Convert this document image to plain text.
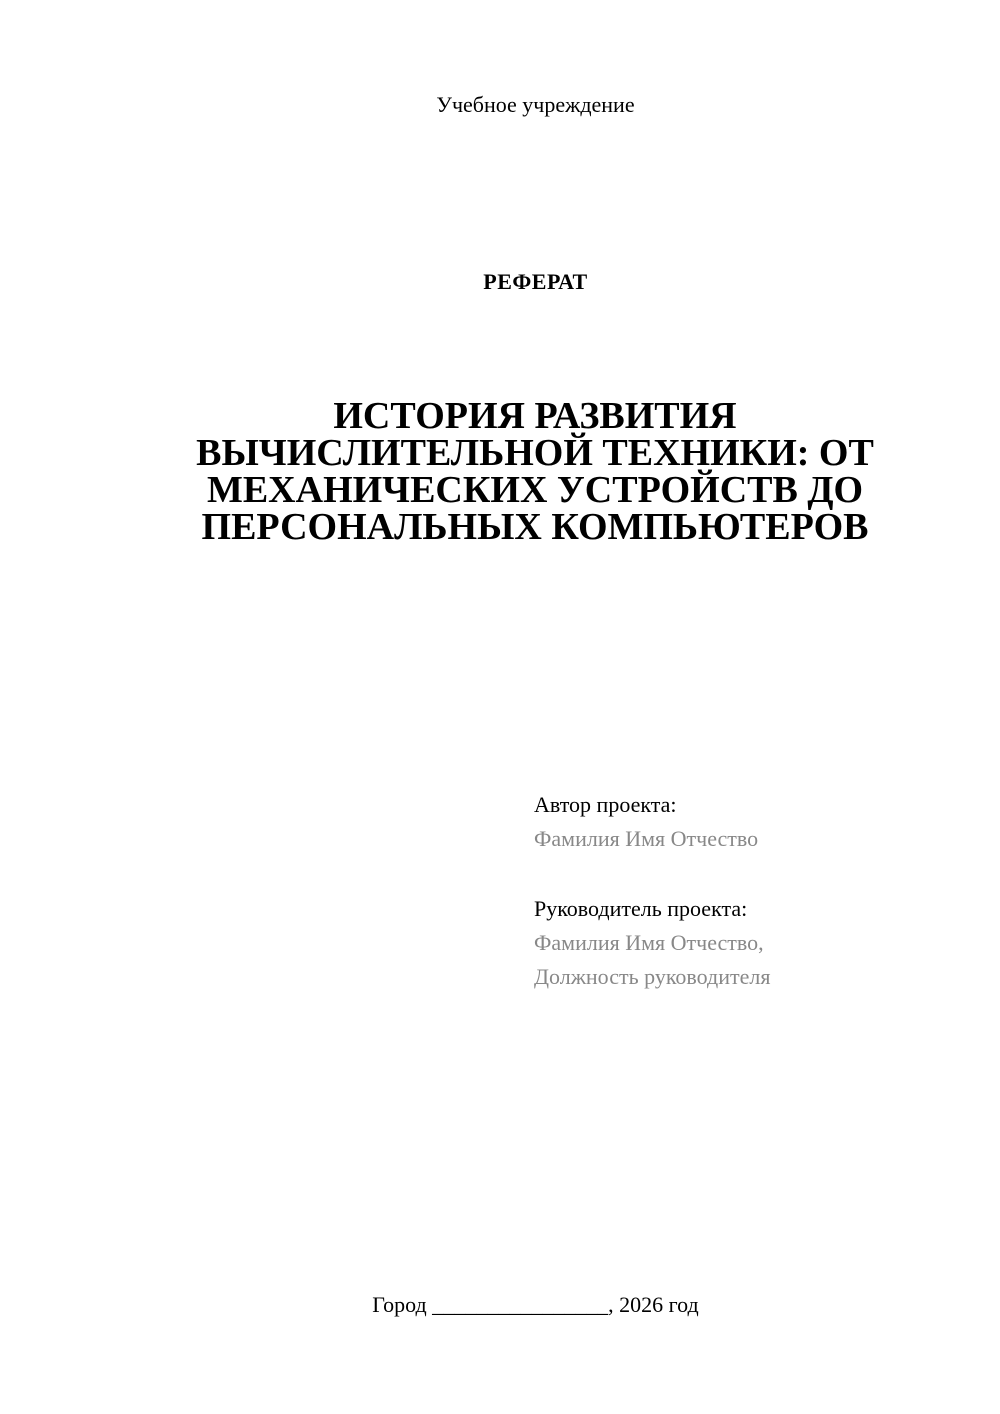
Учебное учреждение
РЕФЕРАТ
ИСТОРИЯ РАЗВИТИЯ
ВЫЧИСЛИТЕЛЬНОЙ ТЕХНИКИ: ОТ
МЕХАНИЧЕСКИХ УСТРОЙСТВ ДО
ПЕРСОНАЛЬНЫХ КОМПЬЮТЕРОВ
Автор проекта:
Фамилия Имя Отчество
Руководитель проекта:
Фамилия Имя Отчество,
Должность руководителя
Город ________________, 2026 год
